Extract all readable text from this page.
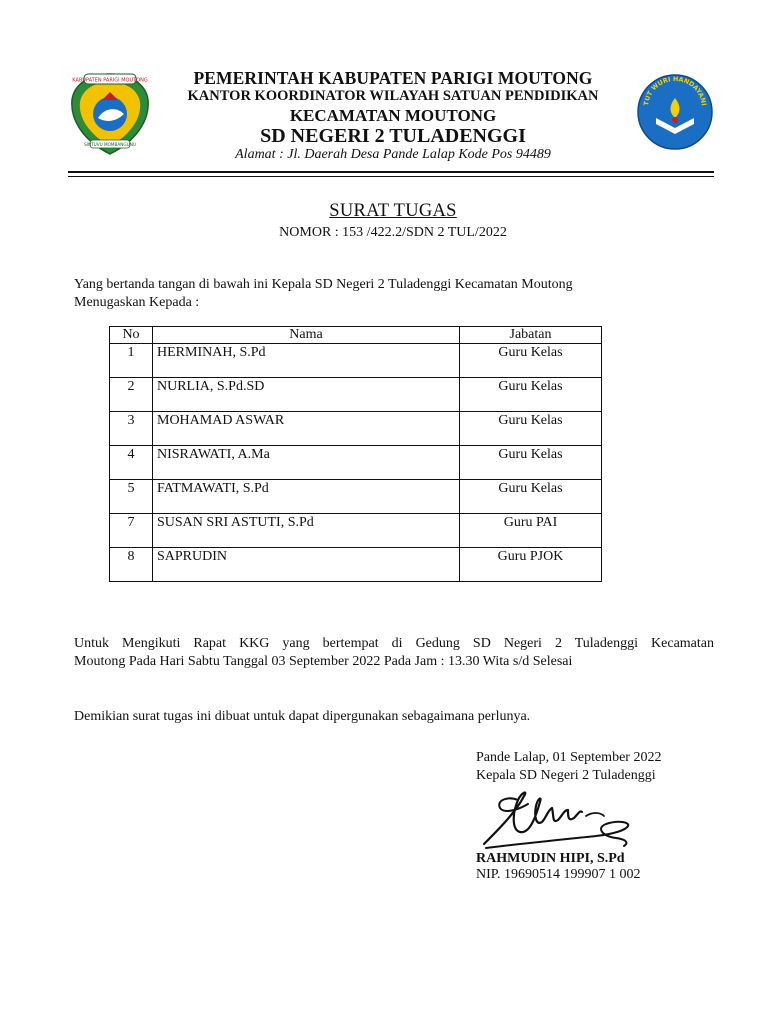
KABUPATEN PARIGI MOUTONG
SINTUVU MOMBANGUNU
TUT WURI HANDAYANI
PEMERINTAH KABUPATEN PARIGI MOUTONG
KANTOR KOORDINATOR WILAYAH SATUAN PENDIDIKAN
KECAMATAN MOUTONG
SD NEGERI 2 TULADENGGI
Alamat : Jl. Daerah Desa Pande Lalap Kode Pos 94489
SURAT TUGAS
NOMOR : 153 /422.2/SDN 2 TUL/2022
Yang bertanda tangan di bawah ini Kepala SD Negeri 2 Tuladenggi Kecamatan Moutong
Menugaskan Kepada :
No	Nama	Jabatan
1	HERMINAH, S.Pd	Guru Kelas
2	NURLIA, S.Pd.SD	Guru Kelas
3	MOHAMAD ASWAR	Guru Kelas
4	NISRAWATI, A.Ma	Guru Kelas
5	FATMAWATI, S.Pd	Guru Kelas
7	SUSAN SRI ASTUTI, S.Pd	Guru PAI
8	SAPRUDIN	Guru PJOK
Untuk Mengikuti Rapat KKG yang bertempat di Gedung SD Negeri 2 Tuladenggi Kecamatan
Moutong Pada Hari Sabtu Tanggal 03 September 2022 Pada Jam : 13.30 Wita s/d Selesai
Demikian surat tugas ini dibuat untuk dapat dipergunakan sebagaimana perlunya.
Pande Lalap, 01 September 2022
Kepala SD Negeri 2 Tuladenggi
RAHMUDIN HIPI, S.Pd
NIP. 19690514 199907 1 002
